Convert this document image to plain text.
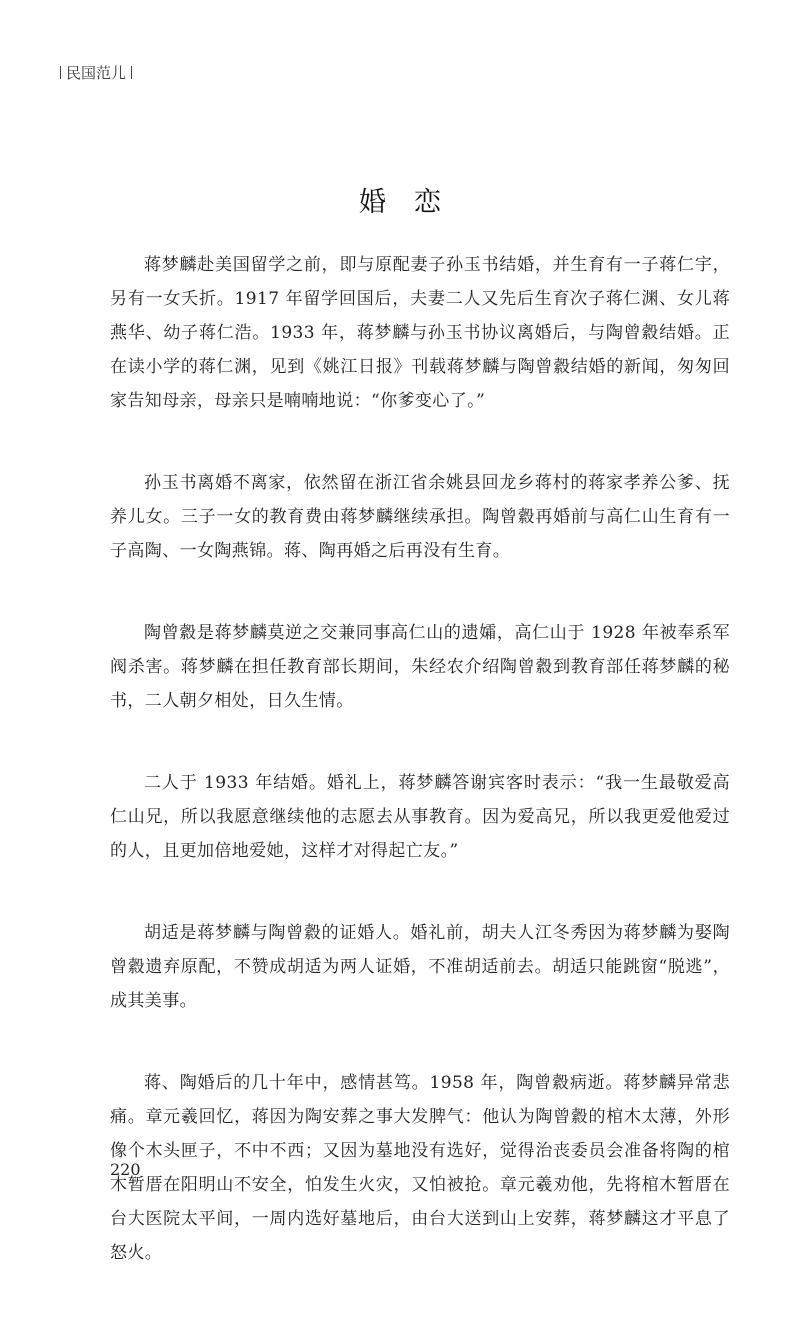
民国范儿
婚恋

蒋梦麟赴美国留学之前，即与原配妻子孙玉书结婚，并生育有一子蒋仁宇，另有一女夭折。1917 年留学回国后，夫妻二人又先后生育次子蒋仁渊、女儿蒋燕华、幼子蒋仁浩。1933 年，蒋梦麟与孙玉书协议离婚后，与陶曾縠结婚。正在读小学的蒋仁渊，见到《姚江日报》刊载蒋梦麟与陶曾縠结婚的新闻，匆匆回家告知母亲，母亲只是喃喃地说：“你爹变心了。”

孙玉书离婚不离家，依然留在浙江省余姚县回龙乡蒋村的蒋家孝养公爹、抚养儿女。三子一女的教育费由蒋梦麟继续承担。陶曾縠再婚前与高仁山生育有一子高陶、一女陶燕锦。蒋、陶再婚之后再没有生育。

陶曾縠是蒋梦麟莫逆之交兼同事高仁山的遗孀，高仁山于 1928 年被奉系军阀杀害。蒋梦麟在担任教育部长期间，朱经农介绍陶曾縠到教育部任蒋梦麟的秘书，二人朝夕相处，日久生情。

二人于 1933 年结婚。婚礼上，蒋梦麟答谢宾客时表示：“我一生最敬爱高仁山兄，所以我愿意继续他的志愿去从事教育。因为爱高兄，所以我更爱他爱过的人，且更加倍地爱她，这样才对得起亡友。”

胡适是蒋梦麟与陶曾縠的证婚人。婚礼前，胡夫人江冬秀因为蒋梦麟为娶陶曾縠遗弃原配，不赞成胡适为两人证婚，不准胡适前去。胡适只能跳窗“脱逃”，成其美事。

蒋、陶婚后的几十年中，感情甚笃。1958 年，陶曾縠病逝。蒋梦麟异常悲痛。章元羲回忆，蒋因为陶安葬之事大发脾气：他认为陶曾縠的棺木太薄，外形像个木头匣子，不中不西；又因为墓地没有选好，觉得治丧委员会准备将陶的棺木暂厝在阳明山不安全，怕发生火灾，又怕被抢。章元羲劝他，先将棺木暂厝在台大医院太平间，一周内选好墓地后，由台大送到山上安葬，蒋梦麟这才平息了怒火。

220
